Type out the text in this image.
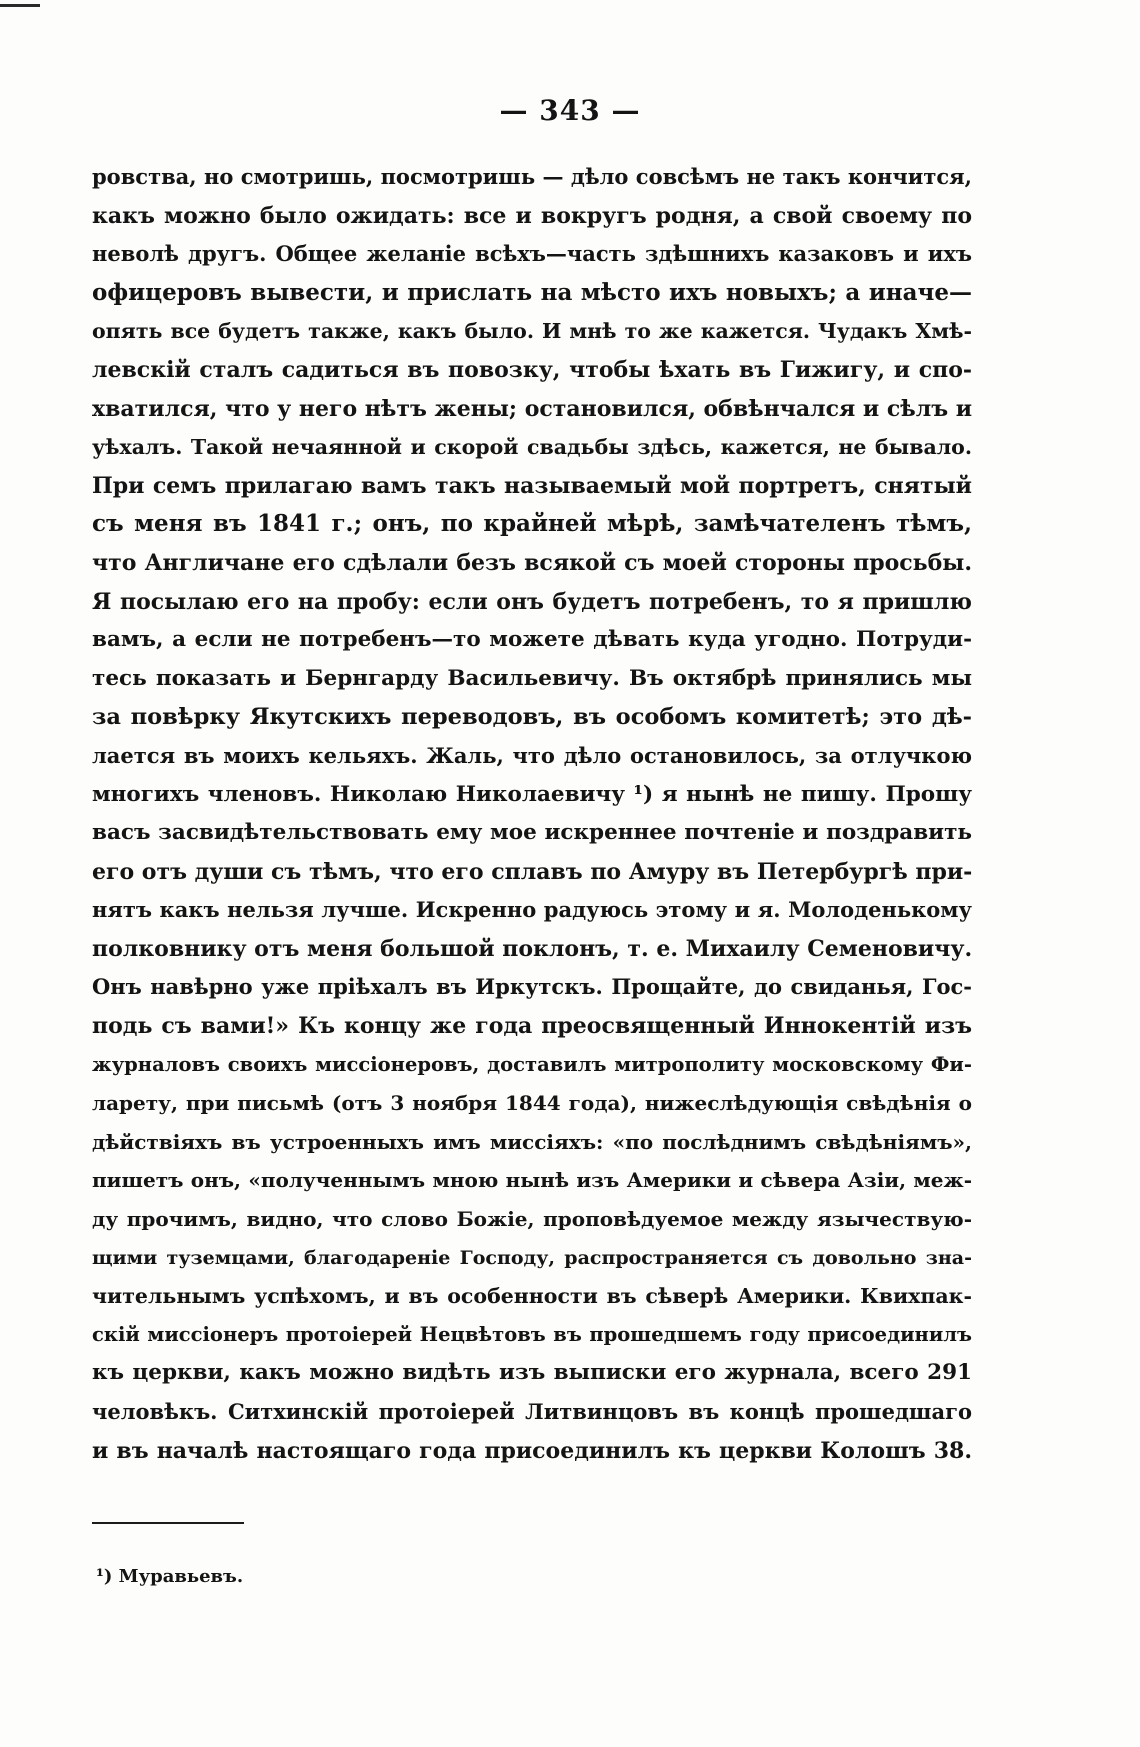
— 343 —
ровства, но смотришь, посмотришь — дѣло совсѣмъ не такъ кончится,
какъ можно было ожидать: все и вокругъ родня, а свой своему по
неволѣ другъ. Общее желаніе всѣхъ—часть здѣшнихъ казаковъ и ихъ
офицеровъ вывести, и прислать на мѣсто ихъ новыхъ; а иначе—
опять все будетъ также, какъ было. И мнѣ то же кажется. Чудакъ Хмѣ-
левскій сталъ садиться въ повозку, чтобы ѣхать въ Гижигу, и спо-
хватился, что у него нѣтъ жены; остановился, обвѣнчался и сѣлъ и
уѣхалъ. Такой нечаянной и скорой свадьбы здѣсь, кажется, не бывало.
При семъ прилагаю вамъ такъ называемый мой портретъ, снятый
съ меня въ 1841 г.; онъ, по крайней мѣрѣ, замѣчателенъ тѣмъ,
что Англичане его сдѣлали безъ всякой съ моей стороны просьбы.
Я посылаю его на пробу: если онъ будетъ потребенъ, то я пришлю
вамъ, а если не потребенъ—то можете дѣвать куда угодно. Потруди-
тесь показать и Бернгарду Васильевичу. Въ октябрѣ принялись мы
за повѣрку Якутскихъ переводовъ, въ особомъ комитетѣ; это дѣ-
лается въ моихъ кельяхъ. Жаль, что дѣло остановилось, за отлучкою
многихъ членовъ. Николаю Николаевичу ¹) я нынѣ не пишу. Прошу
васъ засвидѣтельствовать ему мое искреннее почтеніе и поздравить
его отъ души съ тѣмъ, что его сплавъ по Амуру въ Петербургѣ при-
нятъ какъ нельзя лучше. Искренно радуюсь этому и я. Молоденькому
полковнику отъ меня большой поклонъ, т. е. Михаилу Семеновичу.
Онъ навѣрно уже пріѣхалъ въ Иркутскъ. Прощайте, до свиданья, Гос-
подь съ вами!» Къ концу же года преосвященный Иннокентій изъ
журналовъ своихъ миссіонеровъ, доставилъ митрополиту московскому Фи-
ларету, при письмѣ (отъ 3 ноября 1844 года), нижеслѣдующія свѣдѣнія о
дѣйствіяхъ въ устроенныхъ имъ миссіяхъ: «по послѣднимъ свѣдѣніямъ»,
пишетъ онъ, «полученнымъ мною нынѣ изъ Америки и сѣвера Азіи, меж-
ду прочимъ, видно, что слово Божіе, проповѣдуемое между язычествую-
щими туземцами, благодареніе Господу, распространяется съ довольно зна-
чительнымъ успѣхомъ, и въ особенности въ сѣверѣ Америки. Квихпак-
скій миссіонеръ протоіерей Нецвѣтовъ въ прошедшемъ году присоединилъ
къ церкви, какъ можно видѣть изъ выписки его журнала, всего 291
человѣкъ. Ситхинскій протоіерей Литвинцовъ въ концѣ прошедшаго
и въ началѣ настоящаго года присоединилъ къ церкви Колошъ 38.
¹) Муравьевъ.
